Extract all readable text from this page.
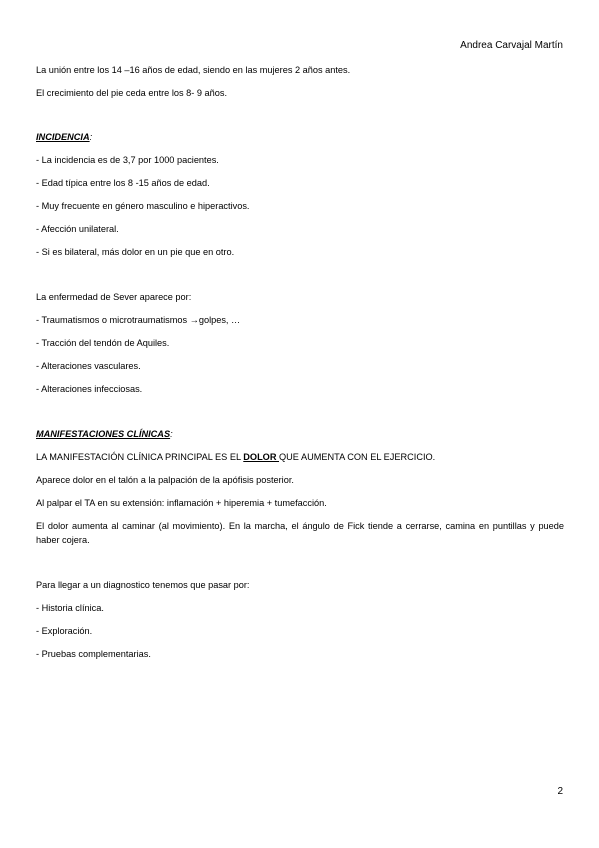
Andrea Carvajal Martín
La unión entre los 14 –16 años de edad, siendo en las mujeres 2 años antes.
El crecimiento del pie ceda entre los 8- 9 años.
INCIDENCIA:
- La incidencia es de 3,7 por 1000 pacientes.
- Edad típica entre los 8 -15 años de edad.
- Muy frecuente en género masculino e hiperactivos.
- Afección unilateral.
- Si es bilateral, más dolor en un pie que en otro.
La enfermedad de Sever aparece por:
- Traumatismos o microtraumatismos →golpes, …
- Tracción del tendón de Aquiles.
- Alteraciones vasculares.
- Alteraciones infecciosas.
MANIFESTACIONES CLÍNICAS:
LA MANIFESTACIÓN CLÍNICA PRINCIPAL ES EL DOLOR QUE AUMENTA CON EL EJERCICIO.
Aparece dolor en el talón a la palpación de la apófisis posterior.
Al palpar el TA en su extensión: inflamación + hiperemia + tumefacción.
El dolor aumenta al caminar (al movimiento). En la marcha, el ángulo de Fick tiende a cerrarse, camina en puntillas y puede haber cojera.
Para llegar a un diagnostico tenemos que pasar por:
- Historia clínica.
- Exploración.
- Pruebas complementarias.
2
